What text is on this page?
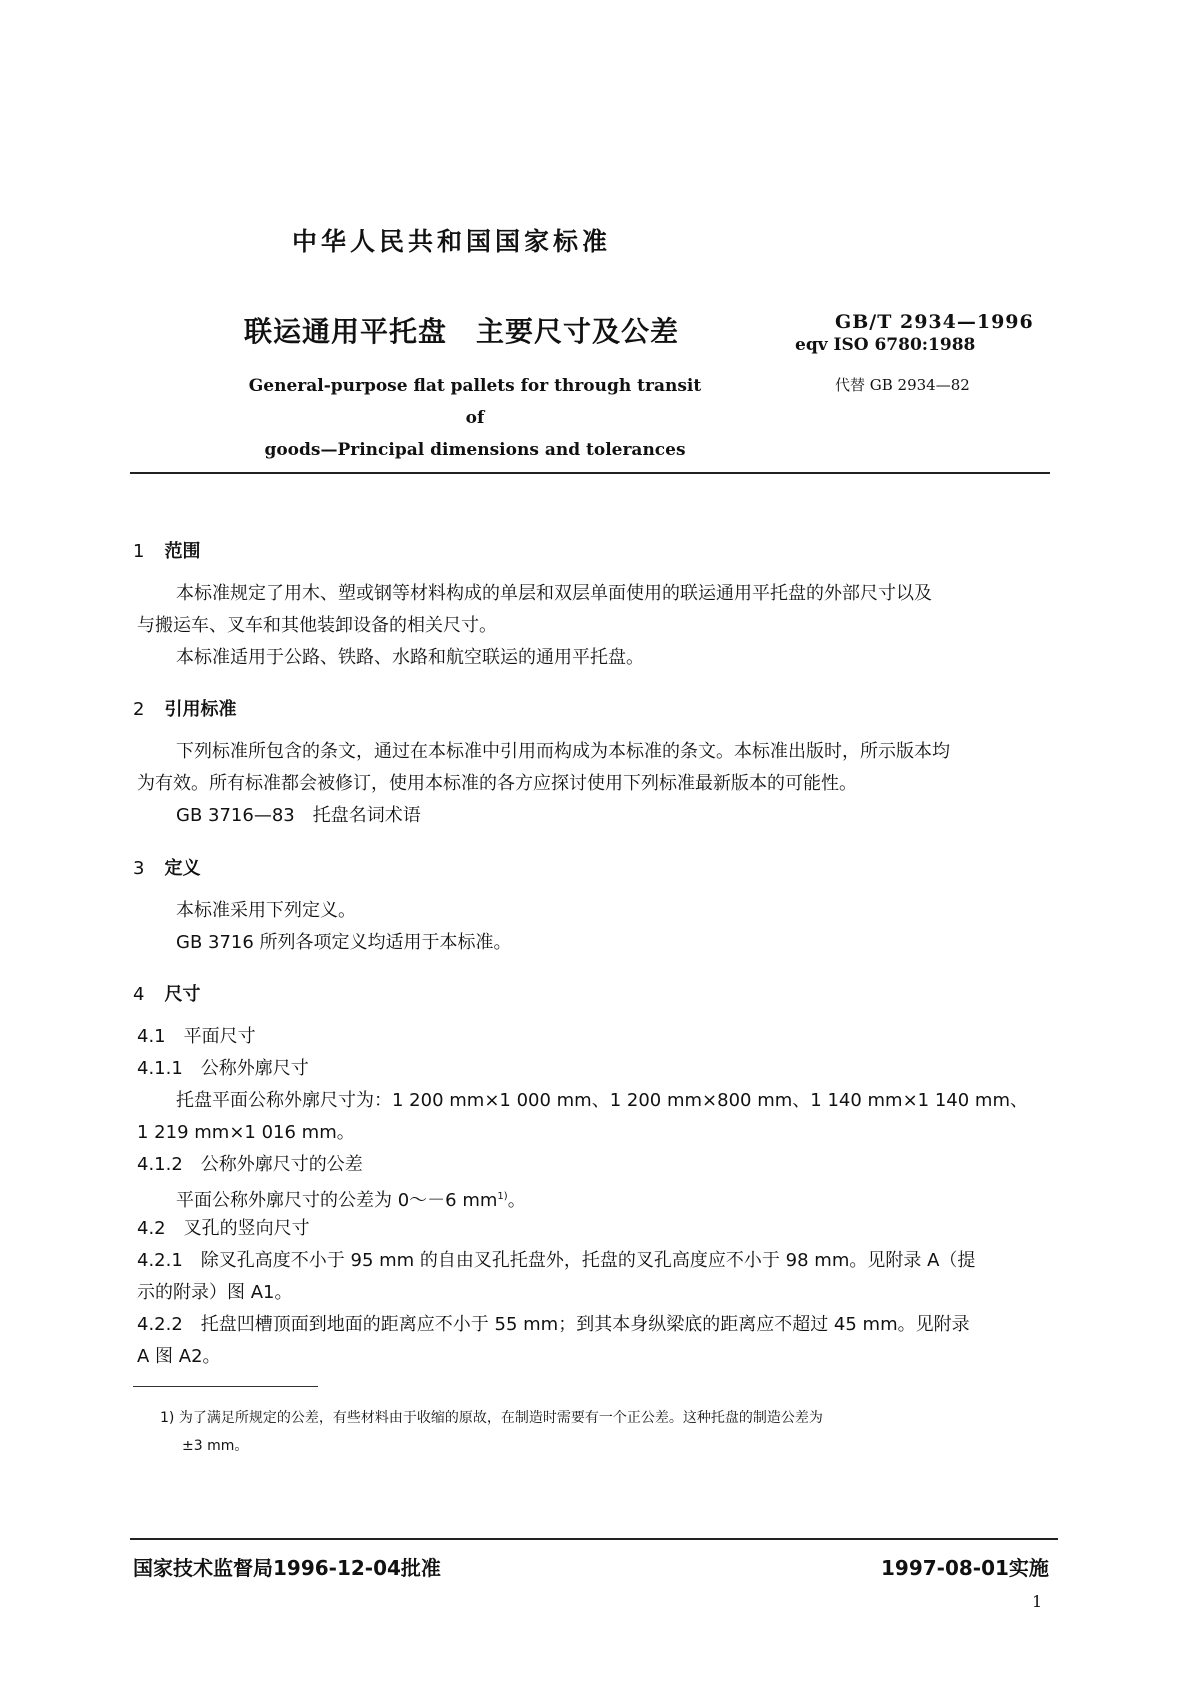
中华人民共和国国家标准
联运通用平托盘　主要尺寸及公差
General-purpose flat pallets for through transit of
goods—Principal dimensions and tolerances
GB/T 2934—1996
eqv ISO 6780:1988
代替 GB 2934—82
1 范围
本标准规定了用木、塑或钢等材料构成的单层和双层单面使用的联运通用平托盘的外部尺寸以及
与搬运车、叉车和其他装卸设备的相关尺寸。
本标准适用于公路、铁路、水路和航空联运的通用平托盘。
2 引用标准
下列标准所包含的条文，通过在本标准中引用而构成为本标准的条文。本标准出版时，所示版本均
为有效。所有标准都会被修订，使用本标准的各方应探讨使用下列标准最新版本的可能性。
GB 3716—83　托盘名词术语
3 定义
本标准采用下列定义。
GB 3716 所列各项定义均适用于本标准。
4 尺寸
4.1　平面尺寸
4.1.1　公称外廓尺寸
托盘平面公称外廓尺寸为：1 200 mm×1 000 mm、1 200 mm×800 mm、1 140 mm×1 140 mm、
1 219 mm×1 016 mm。
4.1.2　公称外廓尺寸的公差
平面公称外廓尺寸的公差为 0～－6 $mm^{1)}$。
4.2　叉孔的竖向尺寸
4.2.1　除叉孔高度不小于 95 mm 的自由叉孔托盘外，托盘的叉孔高度应不小于 98 mm。见附录 A（提
示的附录）图 A1。
4.2.2　托盘凹槽顶面到地面的距离应不小于 55 mm；到其本身纵梁底的距离应不超过 45 mm。见附录
A 图 A2。
1) 为了满足所规定的公差，有些材料由于收缩的原故，在制造时需要有一个正公差。这种托盘的制造公差为
±3 mm。
国家技术监督局1996-12-04批准	1997-08-01实施
1
